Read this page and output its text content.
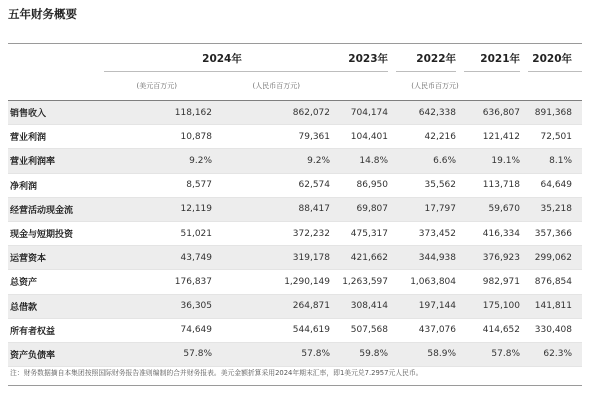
五年财务概要

	2024年		2023年	2022年	2021年	2020年
	(美元百万元)	(人民币百万元)	(人民币百万元)			

销售收入	118,162	862,072	704,174	642,338	636,807	891,368
营业利润	10,878	79,361	104,401	42,216	121,412	72,501
营业利润率	9.2%	9.2%	14.8%	6.6%	19.1%	8.1%
净利润	8,577	62,574	86,950	35,562	113,718	64,649
经营活动现金流	12,119	88,417	69,807	17,797	59,670	35,218
现金与短期投资	51,021	372,232	475,317	373,452	416,334	357,366
运营资本	43,749	319,178	421,662	344,938	376,923	299,062
总资产	176,837	1,290,149	1,263,597	1,063,804	982,971	876,854
总借款	36,305	264,871	308,414	197,144	175,100	141,811
所有者权益	74,649	544,619	507,568	437,076	414,652	330,408
资产负债率	57.8%	57.8%	59.8%	58.9%	57.8%	62.3%
注：财务数据摘自本集团按照国际财务报告准则编制的合并财务报表。美元金额折算采用2024年期末汇率，即1美元兑7.2957元人民币。
